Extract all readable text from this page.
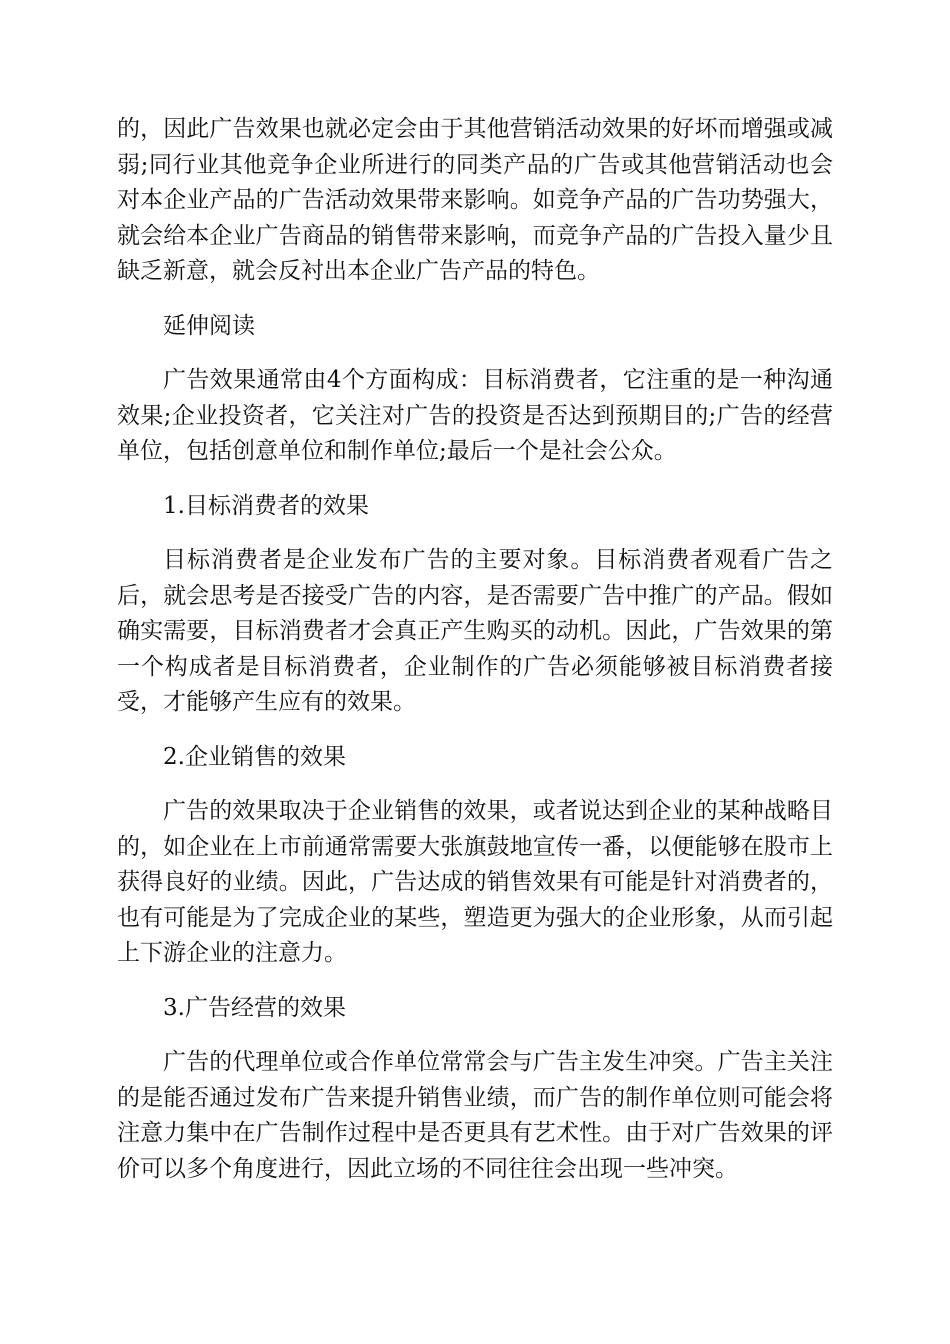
的，因此广告效果也就必定会由于其他营销活动效果的好坏而增强或减弱;同行业其他竞争企业所进行的同类产品的广告或其他营销活动也会对本企业产品的广告活动效果带来影响。如竞争产品的广告功势强大，就会给本企业广告商品的销售带来影响，而竞争产品的广告投入量少且缺乏新意，就会反衬出本企业广告产品的特色。

延伸阅读

广告效果通常由4个方面构成：目标消费者，它注重的是一种沟通效果;企业投资者，它关注对广告的投资是否达到预期目的;广告的经营单位，包括创意单位和制作单位;最后一个是社会公众。

1.目标消费者的效果

目标消费者是企业发布广告的主要对象。目标消费者观看广告之后，就会思考是否接受广告的内容，是否需要广告中推广的产品。假如确实需要，目标消费者才会真正产生购买的动机。因此，广告效果的第一个构成者是目标消费者，企业制作的广告必须能够被目标消费者接受，才能够产生应有的效果。

2.企业销售的效果

广告的效果取决于企业销售的效果，或者说达到企业的某种战略目的，如企业在上市前通常需要大张旗鼓地宣传一番，以便能够在股市上获得良好的业绩。因此，广告达成的销售效果有可能是针对消费者的，也有可能是为了完成企业的某些，塑造更为强大的企业形象，从而引起上下游企业的注意力。

3.广告经营的效果

广告的代理单位或合作单位常常会与广告主发生冲突。广告主关注的是能否通过发布广告来提升销售业绩，而广告的制作单位则可能会将注意力集中在广告制作过程中是否更具有艺术性。由于对广告效果的评价可以多个角度进行，因此立场的不同往往会出现一些冲突。
